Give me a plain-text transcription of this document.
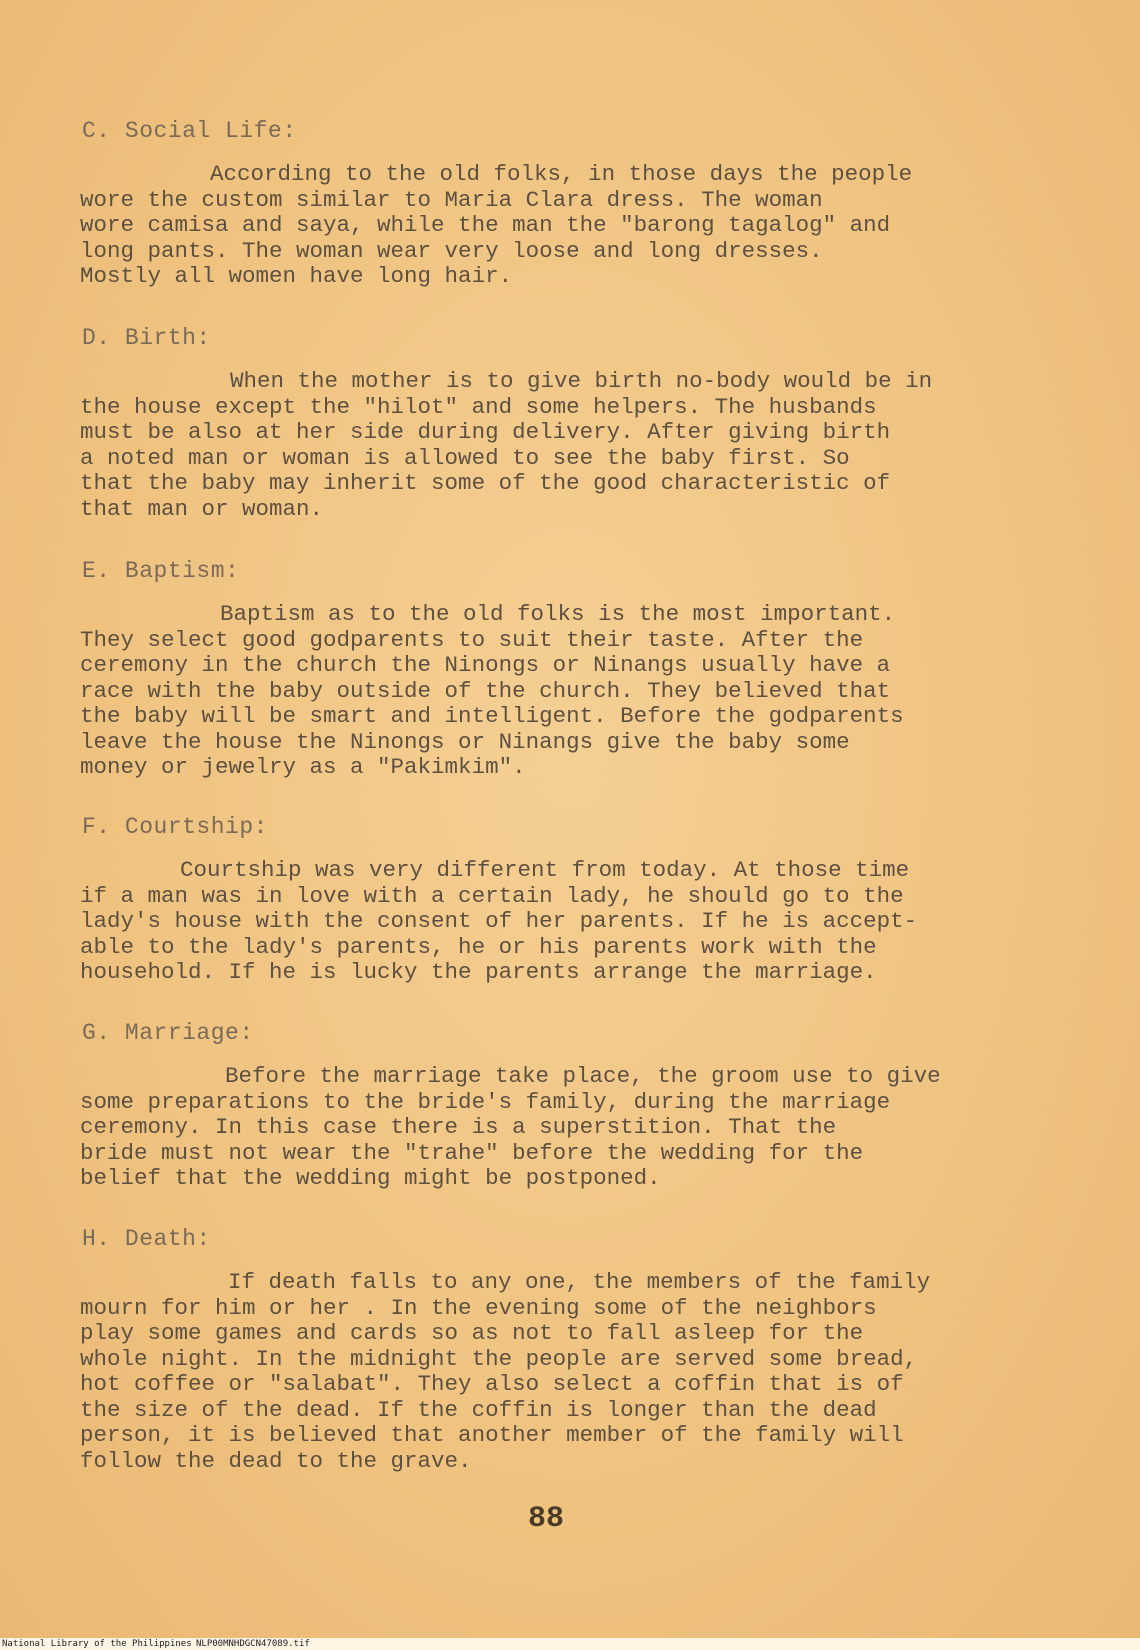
C. Social Life:
According to the old folks, in those days the people
wore the custom similar to Maria Clara dress. The woman
wore camisa and saya, while the man the "barong tagalog" and
long pants. The woman wear very loose and long dresses.
Mostly all women have long hair.
D. Birth:
When the mother is to give birth no-body would be in
the house except the "hilot" and some helpers. The husbands
must be also at her side during delivery. After giving birth
a noted man or woman is allowed to see the baby first. So
that the baby may inherit some of the good characteristic of
that man or woman.
E. Baptism:
Baptism as to the old folks is the most important.
They select good godparents to suit their taste. After the
ceremony in the church the Ninongs or Ninangs usually have a
race with the baby outside of the church. They believed that
the baby will be smart and intelligent. Before the godparents
leave the house the Ninongs or Ninangs give the baby some
money or jewelry as a "Pakimkim".
F. Courtship:
Courtship was very different from today. At those time
if a man was in love with a certain lady, he should go to the
lady's house with the consent of her parents. If he is accept-
able to the lady's parents, he or his parents work with the
household. If he is lucky the parents arrange the marriage.
G. Marriage:
Before the marriage take place, the groom use to give
some preparations to the bride's family, during the marriage
ceremony. In this case there is a superstition. That the
bride must not wear the "trahe" before the wedding for the
belief that the wedding might be postponed.
H. Death:
If death falls to any one, the members of the family
mourn for him or her . In the evening some of the neighbors
play some games and cards so as not to fall asleep for the
whole night. In the midnight the people are served some bread,
hot coffee or "salabat". They also select a coffin that is of
the size of the dead. If the coffin is longer than the dead
person, it is believed that another member of the family will
follow the dead to the grave.
88
National Library of the Philippines NLP00MNHDGCN47089.tif
